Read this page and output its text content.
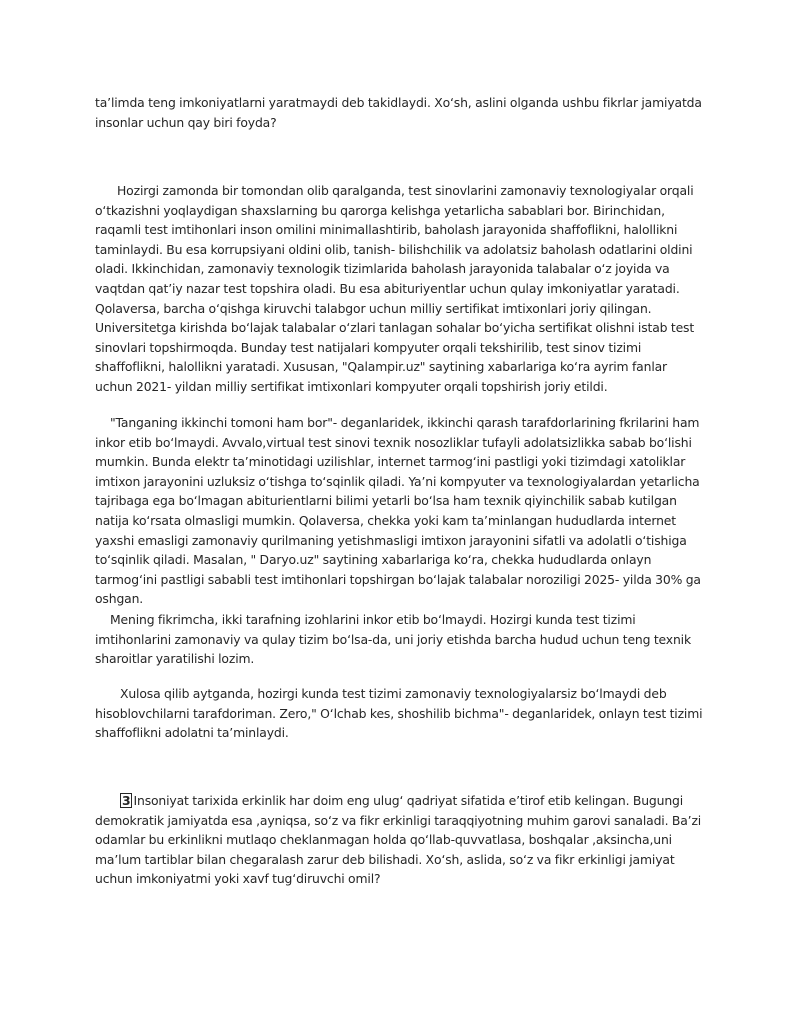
ta’limda teng imkoniyatlarni yaratmaydi deb takidlaydi. Xo‘sh, aslini olganda ushbu fikrlar jamiyatda insonlar uchun qay biri foyda?

Hozirgi zamonda bir tomondan olib qaralganda, test sinovlarini zamonaviy texnologiyalar orqali o‘tkazishni yoqlaydigan shaxslarning bu qarorga kelishga yetarlicha sabablari bor. Birinchidan, raqamli test imtihonlari inson omilini minimallashtirib, baholash jarayonida shaffoflikni, halollikni taminlaydi. Bu esa korrupsiyani oldini olib, tanish- bilishchilik va adolatsiz baholash odatlarini oldini oladi. Ikkinchidan, zamonaviy texnologik tizimlarida baholash jarayonida talabalar o‘z joyida va vaqtdan qat’iy nazar test topshira oladi. Bu esa abituriyentlar uchun qulay imkoniyatlar yaratadi. Qolaversa, barcha o‘qishga kiruvchi talabgor uchun milliy sertifikat imtixonlari joriy qilingan. Universitetga kirishda bo‘lajak talabalar o‘zlari tanlagan sohalar bo‘yicha sertifikat olishni istab test sinovlari topshirmoqda. Bunday test natijalari kompyuter orqali tekshirilib, test sinov tizimi shaffoflikni, halollikni yaratadi. Xususan, "Qalampir.uz" saytining xabarlariga ko‘ra ayrim fanlar uchun 2021- yildan milliy sertifikat imtixonlari kompyuter orqali topshirish joriy etildi.

"Tanganing ikkinchi tomoni ham bor"- deganlaridek, ikkinchi qarash tarafdorlarining fkrilarini ham inkor etib bo‘lmaydi. Avvalo,virtual test sinovi texnik nosozliklar tufayli adolatsizlikka sabab bo‘lishi mumkin. Bunda elektr ta’minotidagi uzilishlar, internet tarmog‘ini pastligi yoki tizimdagi xatoliklar imtixon jarayonini uzluksiz o‘tishga to‘sqinlik qiladi. Ya’ni kompyuter va texnologiyalardan yetarlicha tajribaga ega bo‘lmagan abiturientlarni bilimi yetarli bo‘lsa ham texnik qiyinchilik sabab kutilgan natija ko‘rsata olmasligi mumkin. Qolaversa, chekka yoki kam ta’minlangan hududlarda internet yaxshi emasligi zamonaviy qurilmaning yetishmasligi imtixon jarayonini sifatli va adolatli o‘tishiga to‘sqinlik qiladi. Masalan, " Daryo.uz" saytining xabarlariga ko‘ra, chekka hududlarda onlayn tarmog‘ini pastligi sababli test imtihonlari topshirgan bo‘lajak talabalar noroziligi 2025- yilda 30% ga oshgan.

Mening fikrimcha, ikki tarafning izohlarini inkor etib bo‘lmaydi. Hozirgi kunda test tizimi imtihonlarini zamonaviy va qulay tizim bo‘lsa-da, uni joriy etishda barcha hudud uchun teng texnik sharoitlar yaratilishi lozim.

Xulosa qilib aytganda, hozirgi kunda test tizimi zamonaviy texnologiyalarsiz bo‘lmaydi deb hisoblovchilarni tarafdoriman. Zero," O‘lchab kes, shoshilib bichma"- deganlaridek, onlayn test tizimi shaffoflikni adolatni ta’minlaydi.

3 Insoniyat tarixida erkinlik har doim eng ulug‘ qadriyat sifatida e’tirof etib kelingan. Bugungi demokratik jamiyatda esa ,ayniqsa, so‘z va fikr erkinligi taraqqiyotning muhim garovi sanaladi. Ba’zi odamlar bu erkinlikni mutlaqo cheklanmagan holda qo‘llab-quvvatlasa, boshqalar ,aksincha,uni ma’lum tartiblar bilan chegaralash zarur deb bilishadi. Xo‘sh, aslida, so‘z va fikr erkinligi jamiyat uchun imkoniyatmi yoki xavf tug‘diruvchi omil?
